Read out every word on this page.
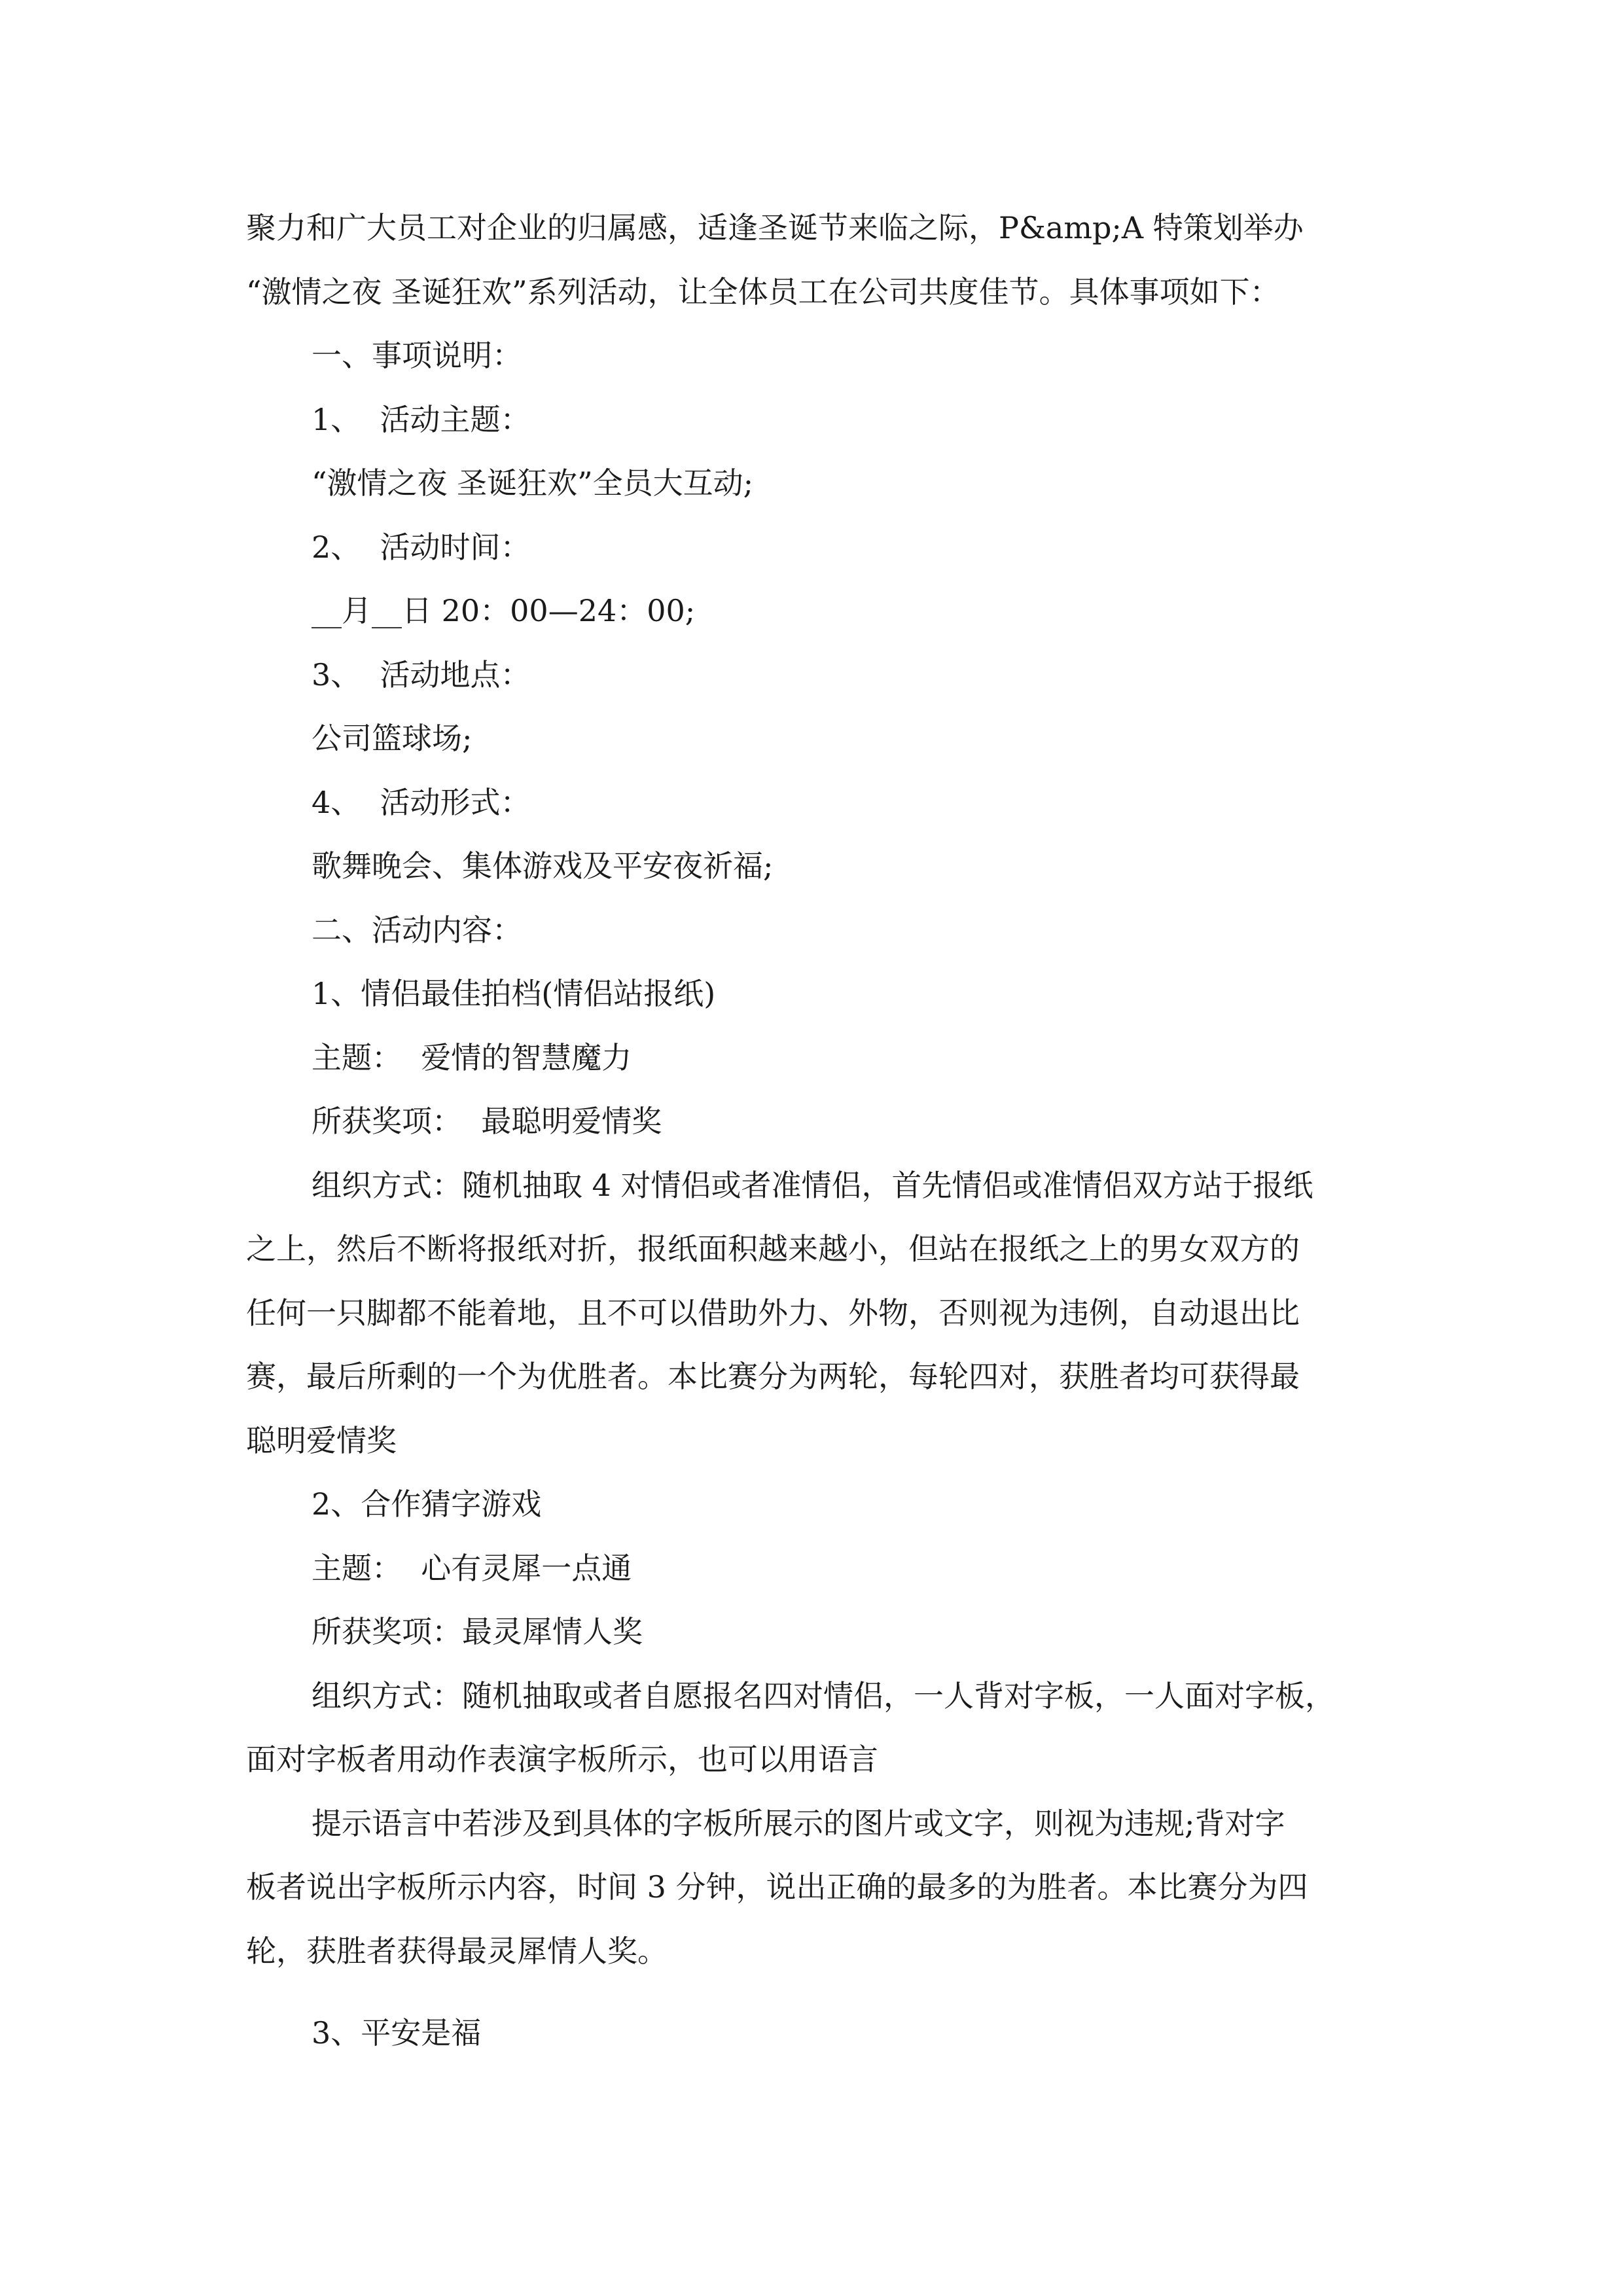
聚力和广大员工对企业的归属感，适逢圣诞节来临之际，P&amp;A 特策划举办
“激情之夜 圣诞狂欢”系列活动，让全体员工在公司共度佳节。具体事项如下：
一、事项说明：
1、  活动主题：
“激情之夜 圣诞狂欢”全员大互动;
2、  活动时间：
__月__日 20：00—24：00;
3、  活动地点：
公司篮球场;
4、  活动形式：
歌舞晚会、集体游戏及平安夜祈福;
二、活动内容：
1、情侣最佳拍档(情侣站报纸)
主题：  爱情的智慧魔力
所获奖项：  最聪明爱情奖
组织方式：随机抽取 4 对情侣或者准情侣，首先情侣或准情侣双方站于报纸
之上，然后不断将报纸对折，报纸面积越来越小，但站在报纸之上的男女双方的
任何一只脚都不能着地，且不可以借助外力、外物，否则视为违例，自动退出比
赛，最后所剩的一个为优胜者。本比赛分为两轮，每轮四对，获胜者均可获得最
聪明爱情奖
2、合作猜字游戏
主题：  心有灵犀一点通
所获奖项：最灵犀情人奖
组织方式：随机抽取或者自愿报名四对情侣，一人背对字板，一人面对字板，
面对字板者用动作表演字板所示，也可以用语言
提示语言中若涉及到具体的字板所展示的图片或文字，则视为违规;背对字
板者说出字板所示内容，时间 3 分钟，说出正确的最多的为胜者。本比赛分为四
轮，获胜者获得最灵犀情人奖。
3、平安是福
